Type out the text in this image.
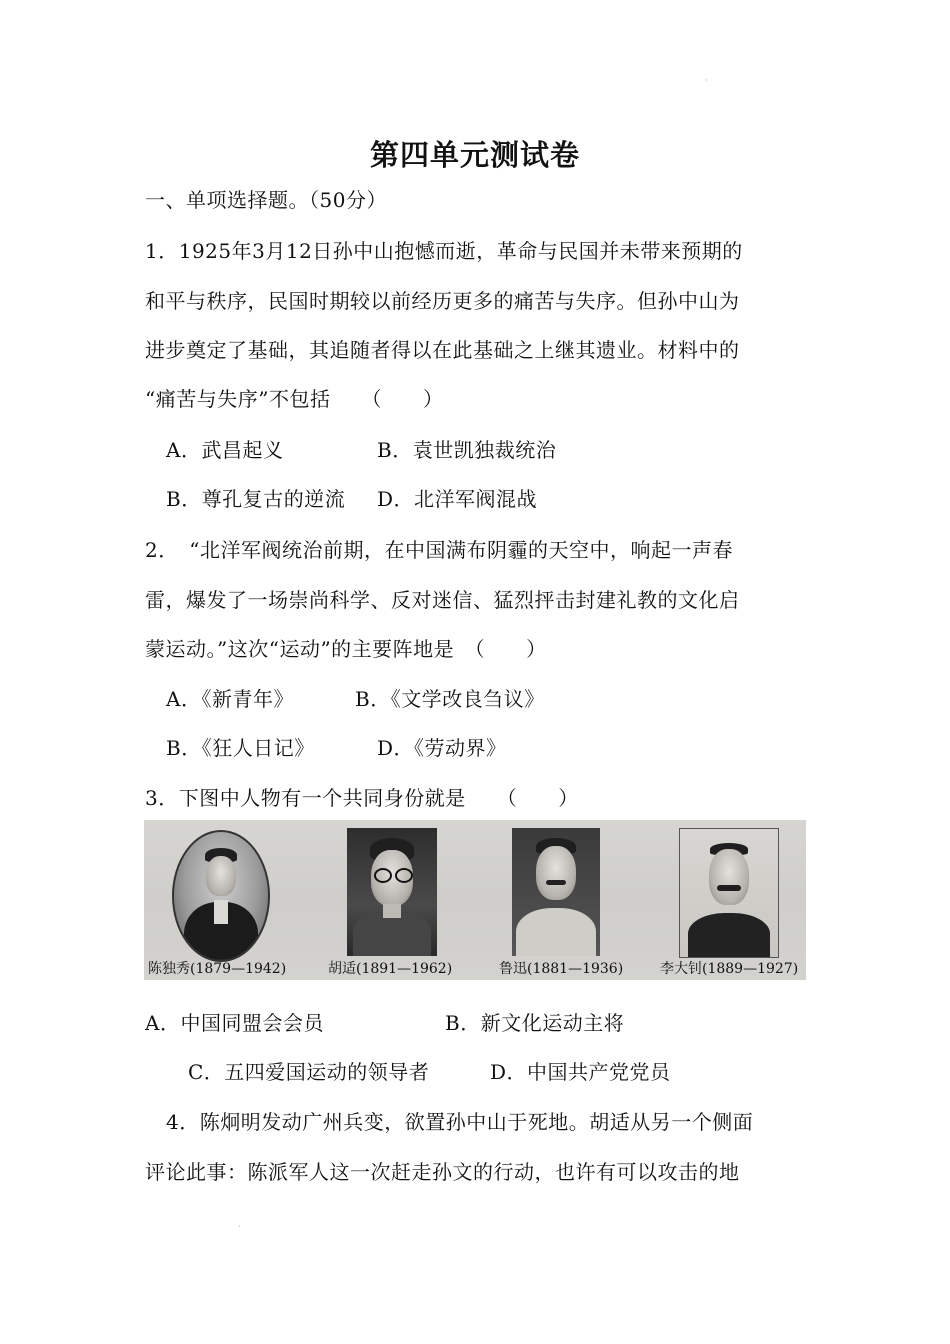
·
第四单元测试卷
一、单项选择题。（50分）
1．1925年3月12日孙中山抱憾而逝，革命与民国并未带来预期的
和平与秩序，民国时期较以前经历更多的痛苦与失序。但孙中山为
进步奠定了基础，其追随者得以在此基础之上继其遗业。材料中的
“痛苦与失序”不包括　　（　　）
A．武昌起义	B．袁世凯独裁统治
B．尊孔复古的逆流 D．北洋军阀混战
2．　“北洋军阀统治前期，在中国满布阴霾的天空中，响起一声春
雷，爆发了一场崇尚科学、反对迷信、猛烈抨击封建礼教的文化启
蒙运动。”这次“运动”的主要阵地是　（　　）
A．《新青年》	B．《文学改良刍议》
B．《狂人日记》	D．《劳动界》
3．下图中人物有一个共同身份就是　　（　　）
陈独秀(1879—1942)	胡适(1891—1962)	鲁迅(1881—1936)	李大钊(1889—1927)
A．中国同盟会会员	B．新文化运动主将
C．五四爱国运动的领导者	D．中国共产党党员
4．陈炯明发动广州兵变，欲置孙中山于死地。胡适从另一个侧面
评论此事：陈派军人这一次赶走孙文的行动，也许有可以攻击的地
·
